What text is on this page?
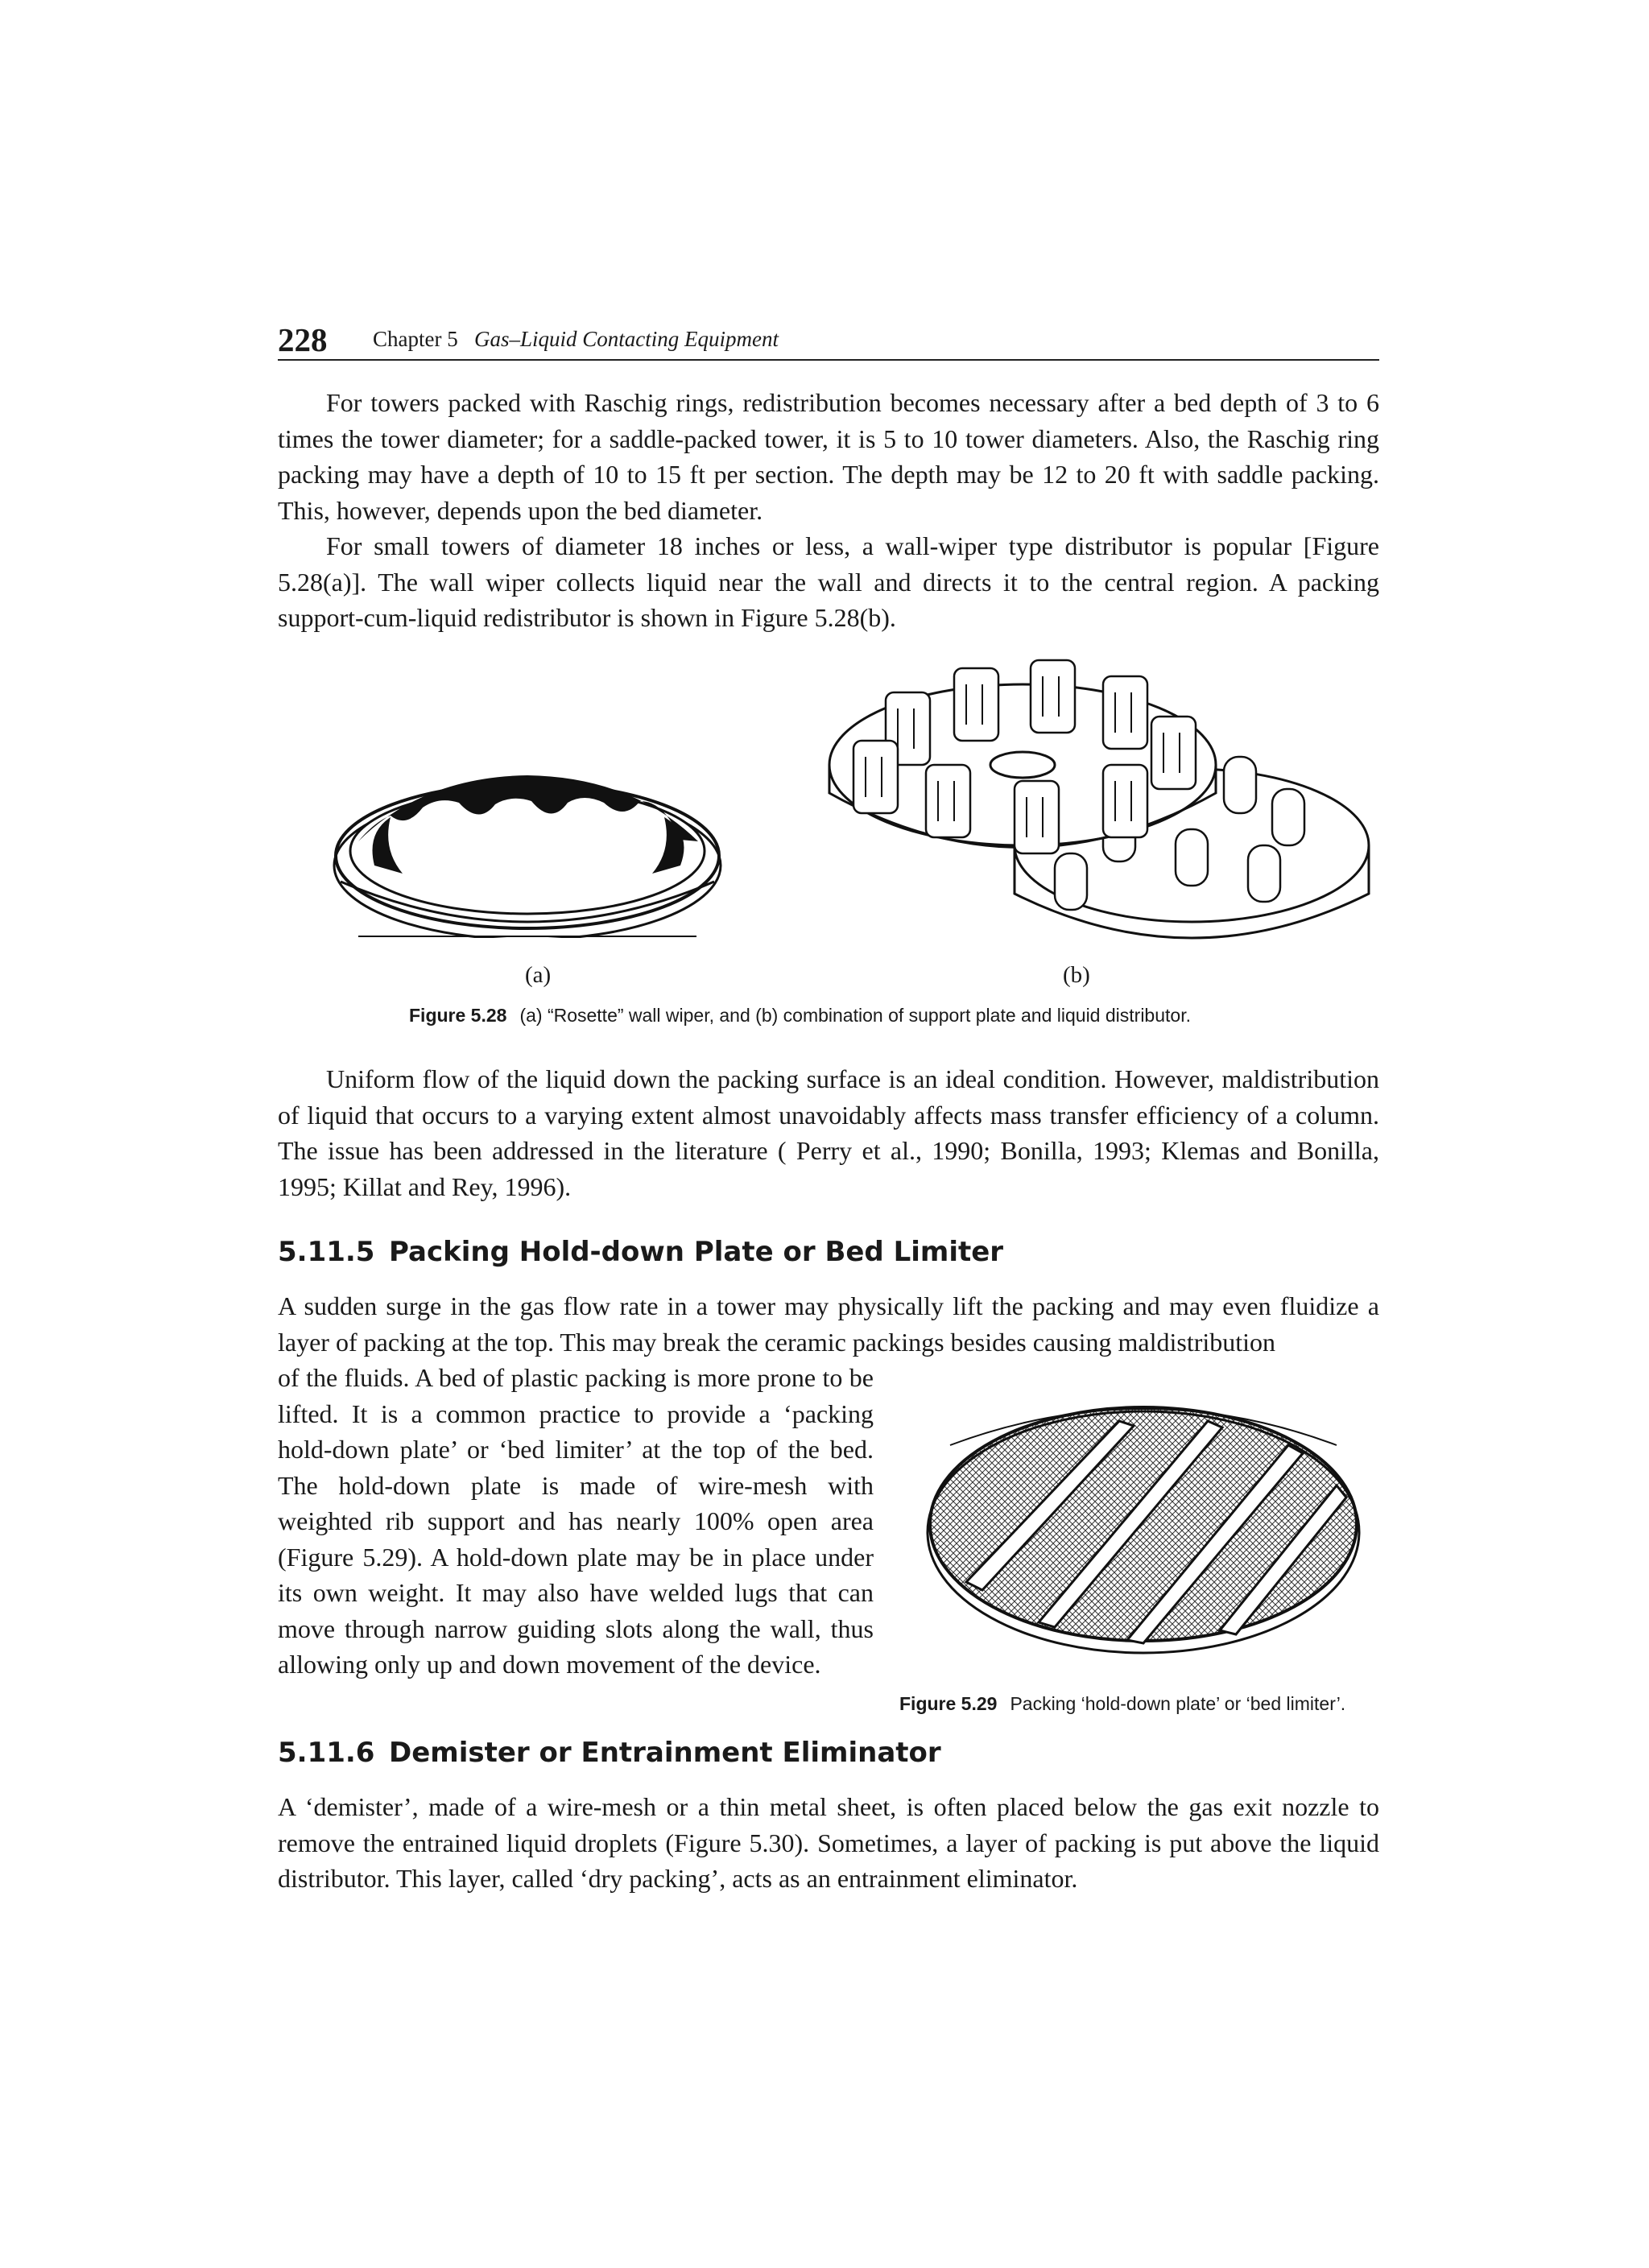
228 Chapter 5 Gas–Liquid Contacting Equipment

For towers packed with Raschig rings, redistribution becomes necessary after a bed depth of 3 to 6 times the tower diameter; for a saddle-packed tower, it is 5 to 10 tower diameters. Also, the Raschig ring packing may have a depth of 10 to 15 ft per section. The depth may be 12 to 20 ft with saddle packing. This, however, depends upon the bed diameter.

For small towers of diameter 18 inches or less, a wall-wiper type distributor is popular [Figure 5.28(a)]. The wall wiper collects liquid near the wall and directs it to the central region. A packing support-cum-liquid redistributor is shown in Figure 5.28(b).

(a)	(b)
Figure 5.28 (a) “Rosette” wall wiper, and (b) combination of support plate and liquid distributor.

Uniform flow of the liquid down the packing surface is an ideal condition. However, maldistribution of liquid that occurs to a varying extent almost unavoidably affects mass transfer efficiency of a column. The issue has been addressed in the literature ( Perry et al., 1990; Bonilla, 1993; Klemas and Bonilla, 1995; Killat and Rey, 1996).

5.11.5 Packing Hold-down Plate or Bed Limiter

A sudden surge in the gas flow rate in a tower may physically lift the packing and may even fluidize a layer of packing at the top. This may break the ceramic packings besides causing maldistribution

of the fluids. A bed of plastic packing is more prone to be lifted. It is a common practice to provide a ‘packing hold-down plate’ or ‘bed limiter’ at the top of the bed. The hold-down plate is made of wire-mesh with weighted rib support and has nearly 100% open area (Figure 5.29). A hold-down plate may be in place under its own weight. It may also have welded lugs that can move through narrow guiding slots along the wall, thus allowing only up and down movement of the device.

Figure 5.29 Packing ‘hold-down plate’ or ‘bed limiter’.
5.11.6 Demister or Entrainment Eliminator

A ‘demister’, made of a wire-mesh or a thin metal sheet, is often placed below the gas exit nozzle to remove the entrained liquid droplets (Figure 5.30). Sometimes, a layer of packing is put above the liquid distributor. This layer, called ‘dry packing’, acts as an entrainment eliminator.
